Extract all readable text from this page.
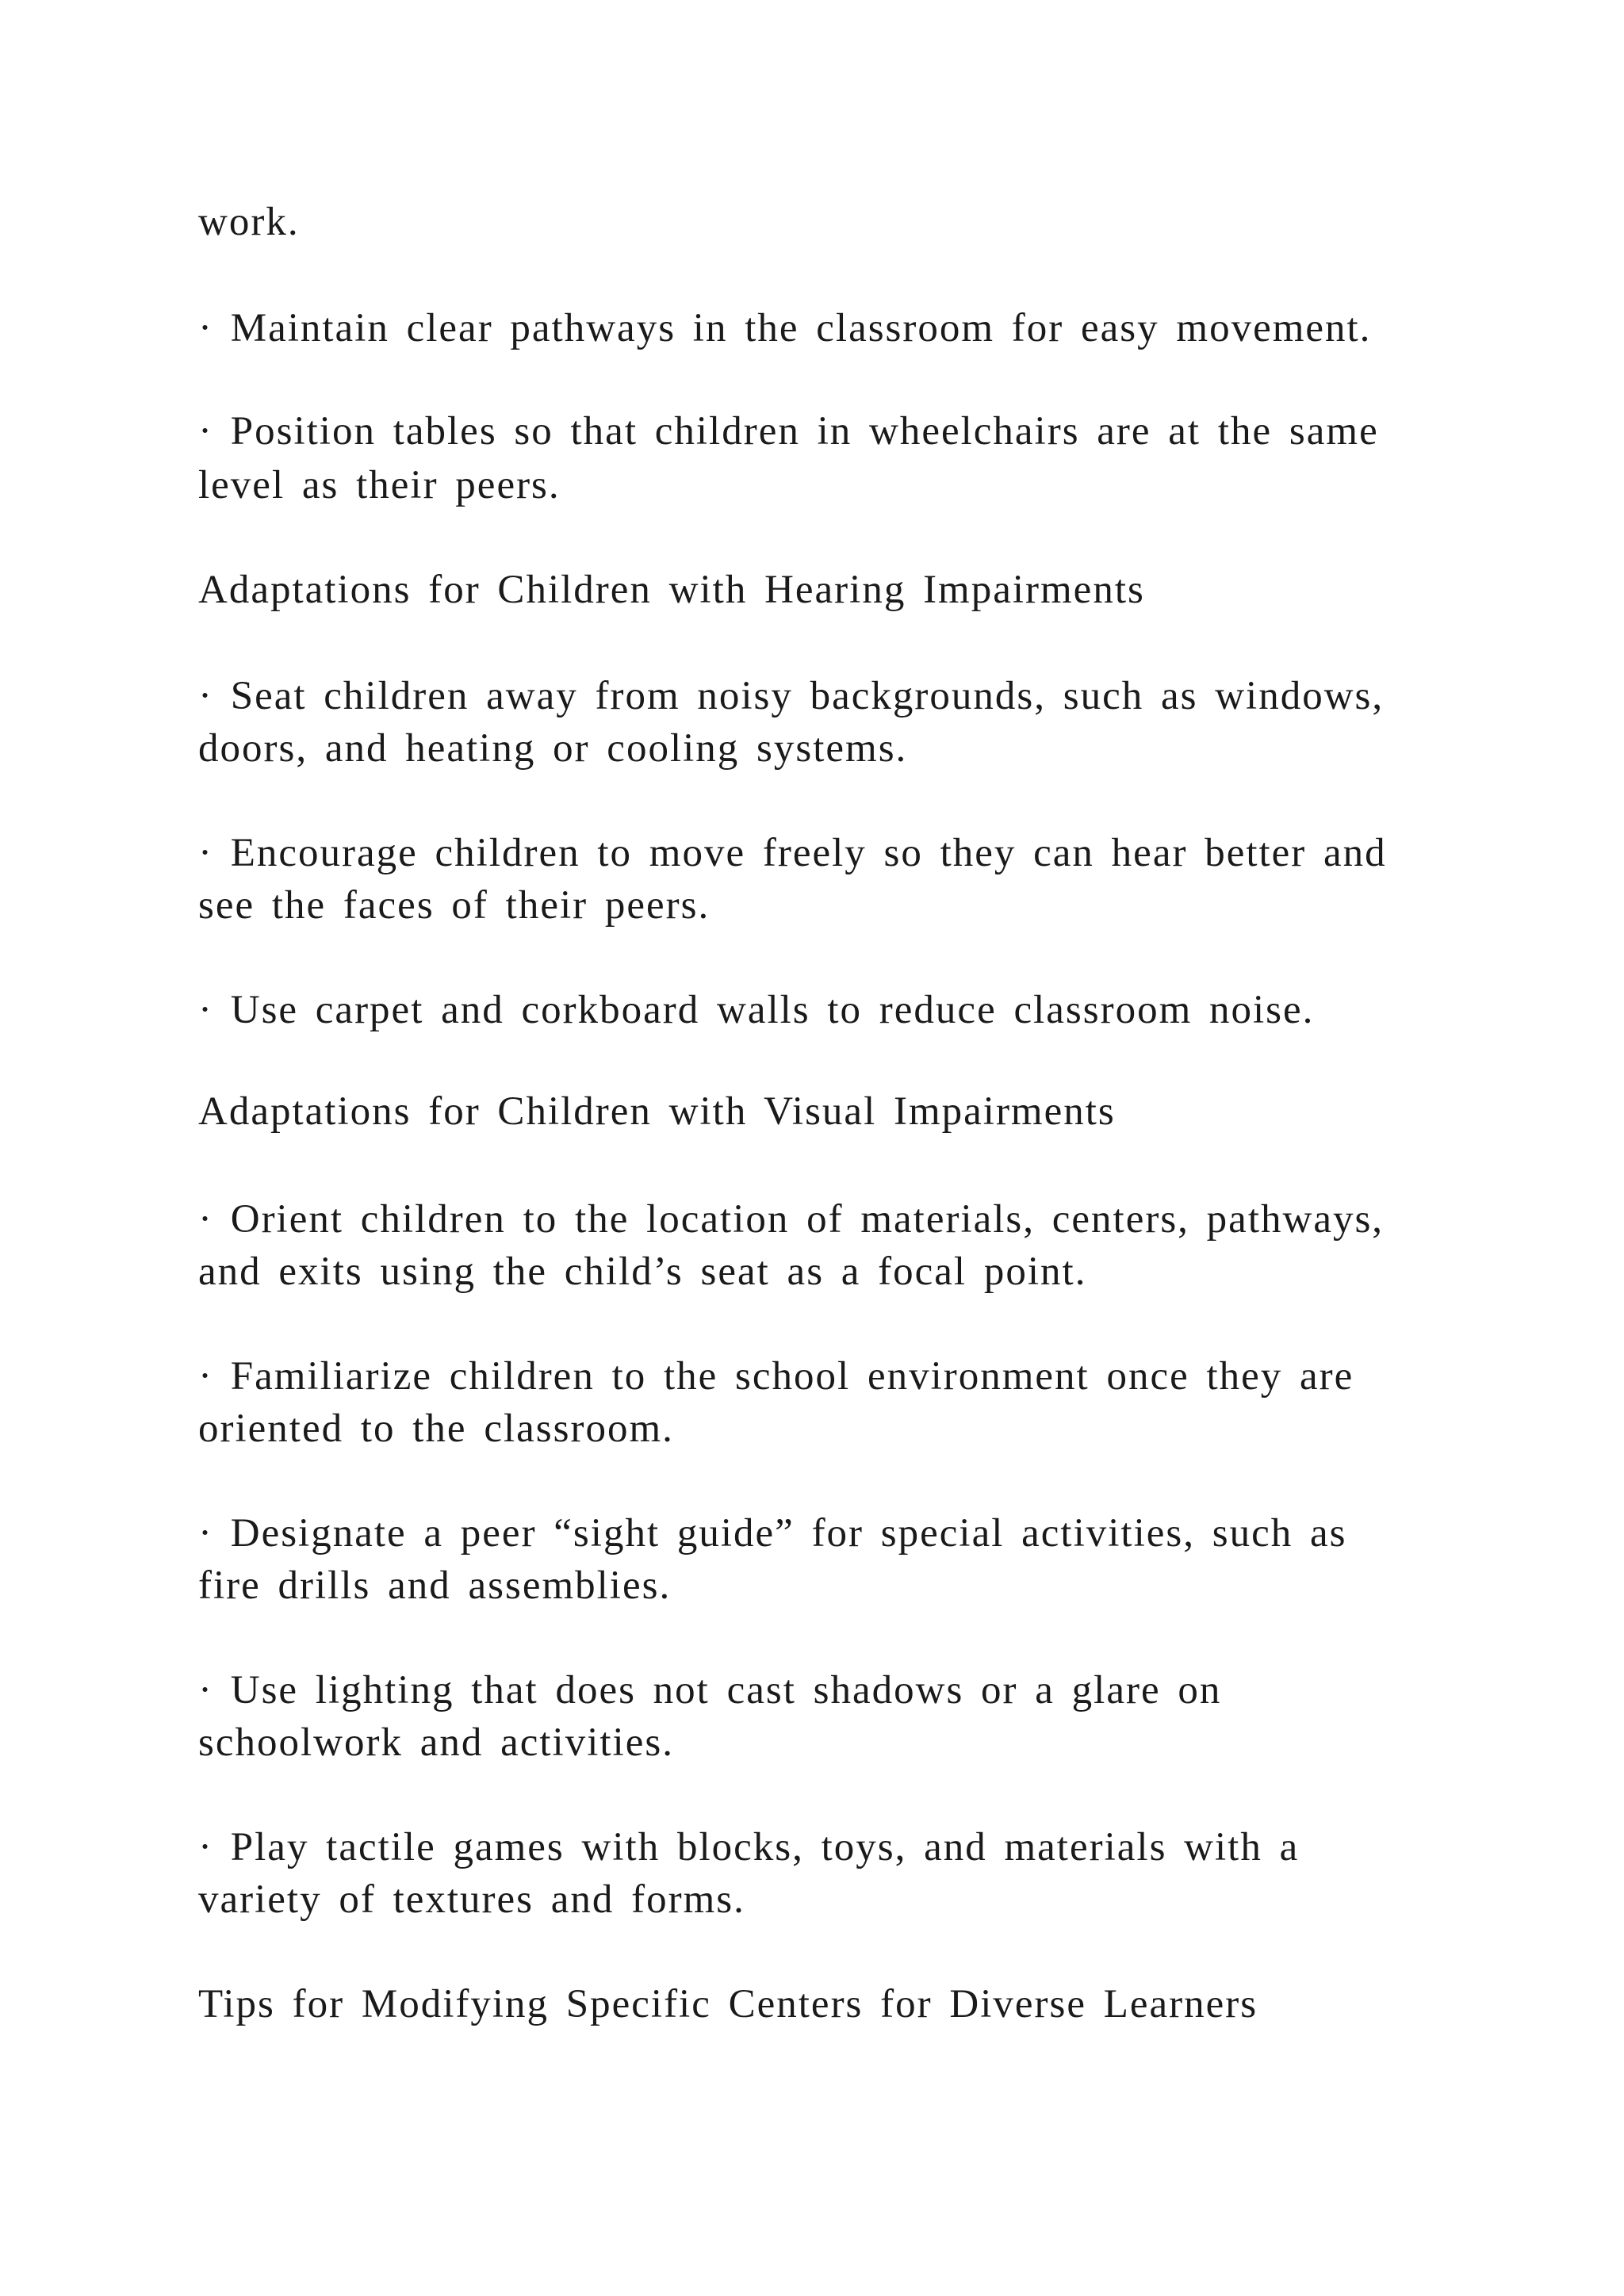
work.

· Maintain clear pathways in the classroom for easy movement.

· Position tables so that children in wheelchairs are at the same

level as their peers.

Adaptations for Children with Hearing Impairments

· Seat children away from noisy backgrounds, such as windows,

doors, and heating or cooling systems.

· Encourage children to move freely so they can hear better and

see the faces of their peers.

· Use carpet and corkboard walls to reduce classroom noise.

Adaptations for Children with Visual Impairments

· Orient children to the location of materials, centers, pathways,

and exits using the child’s seat as a focal point.

· Familiarize children to the school environment once they are

oriented to the classroom.

· Designate a peer “sight guide” for special activities, such as

fire drills and assemblies.

· Use lighting that does not cast shadows or a glare on

schoolwork and activities.

· Play tactile games with blocks, toys, and materials with a

variety of textures and forms.

Tips for Modifying Specific Centers for Diverse Learners
